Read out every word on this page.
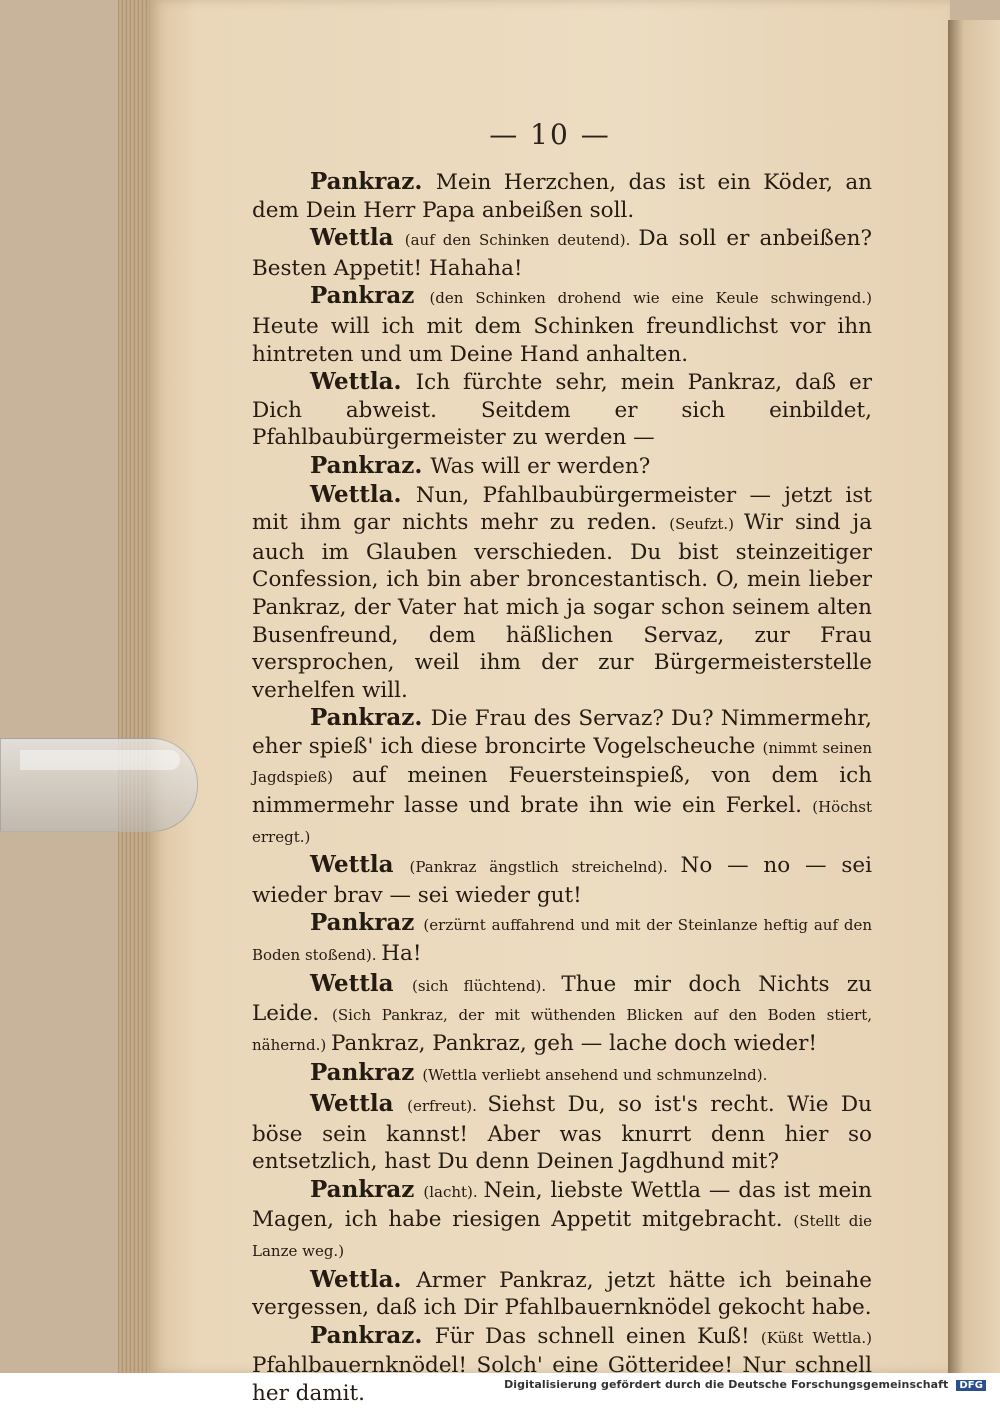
— 10 —

Pankraz. Mein Herzchen, das ist ein Köder, an dem Dein Herr Papa anbeißen soll.

Wettla (auf den Schinken deutend). Da soll er anbeißen? Besten Appetit! Hahaha!

Pankraz (den Schinken drohend wie eine Keule schwingend.) Heute will ich mit dem Schinken freundlichst vor ihn hintreten und um Deine Hand anhalten.

Wettla. Ich fürchte sehr, mein Pankraz, daß er Dich abweist. Seitdem er sich einbildet, Pfahlbaubürgermeister zu werden —

Pankraz. Was will er werden?

Wettla. Nun, Pfahlbaubürgermeister — jetzt ist mit ihm gar nichts mehr zu reden. (Seufzt.) Wir sind ja auch im Glauben verschieden. Du bist steinzeitiger Confession, ich bin aber broncestantisch. O, mein lieber Pankraz, der Vater hat mich ja sogar schon seinem alten Busenfreund, dem häßlichen Servaz, zur Frau versprochen, weil ihm der zur Bürgermeisterstelle verhelfen will.

Pankraz. Die Frau des Servaz? Du? Nimmermehr, eher spieß' ich diese broncirte Vogelscheuche (nimmt seinen Jagdspieß) auf meinen Feuersteinspieß, von dem ich nimmermehr lasse und brate ihn wie ein Ferkel. (Höchst erregt.)

Wettla (Pankraz ängstlich streichelnd). No — no — sei wieder brav — sei wieder gut!

Pankraz (erzürnt auffahrend und mit der Steinlanze heftig auf den Boden stoßend). Ha!

Wettla (sich flüchtend). Thue mir doch Nichts zu Leide. (Sich Pankraz, der mit wüthenden Blicken auf den Boden stiert, nähernd.) Pankraz, Pankraz, geh — lache doch wieder!

Pankraz (Wettla verliebt ansehend und schmunzelnd).

Wettla (erfreut). Siehst Du, so ist's recht. Wie Du böse sein kannst! Aber was knurrt denn hier so entsetzlich, hast Du denn Deinen Jagdhund mit?

Pankraz (lacht). Nein, liebste Wettla — das ist mein Magen, ich habe riesigen Appetit mitgebracht. (Stellt die Lanze weg.)

Wettla. Armer Pankraz, jetzt hätte ich beinahe vergessen, daß ich Dir Pfahlbauernknödel gekocht habe.

Pankraz. Für Das schnell einen Kuß! (Küßt Wettla.) Pfahlbauernknödel! Solch' eine Götteridee! Nur schnell her damit.	Digitalisierung gefördert durch die Deutsche Forschungsgemeinschaft DFG
